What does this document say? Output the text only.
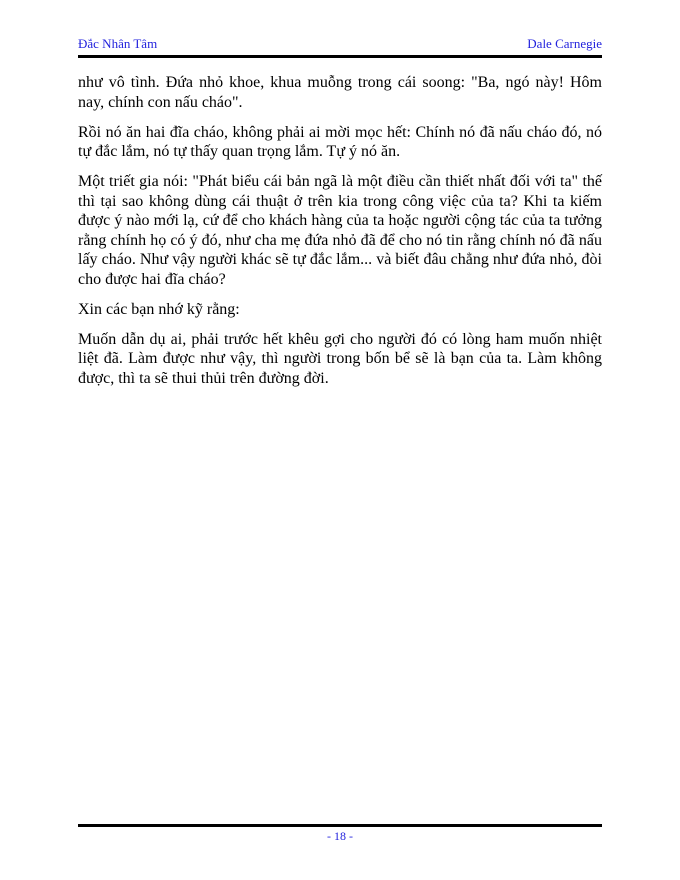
Đắc Nhân Tâm	Dale Carnegie

như vô tình. Đứa nhỏ khoe, khua muỗng trong cái soong: "Ba, ngó này! Hôm nay, chính con nấu cháo".

Rồi nó ăn hai đĩa cháo, không phải ai mời mọc hết: Chính nó đã nấu cháo đó, nó tự đắc lắm, nó tự thấy quan trọng lắm. Tự ý nó ăn.

Một triết gia nói: "Phát biểu cái bản ngã là một điều cần thiết nhất đối với ta" thế thì tại sao không dùng cái thuật ở trên kia trong công việc của ta? Khi ta kiếm được ý nào mới lạ, cứ để cho khách hàng của ta hoặc người cộng tác của ta tưởng rằng chính họ có ý đó, như cha mẹ đứa nhỏ đã để cho nó tin rằng chính nó đã nấu lấy cháo. Như vậy người khác sẽ tự đắc lắm... và biết đâu chẳng như đứa nhỏ, đòi cho được hai đĩa cháo?

Xin các bạn nhớ kỹ rằng:

Muốn dẫn dụ ai, phải trước hết khêu gợi cho người đó có lòng ham muốn nhiệt liệt đã. Làm được như vậy, thì người trong bốn bể sẽ là bạn của ta. Làm không được, thì ta sẽ thui thủi trên đường đời.

- 18 -
